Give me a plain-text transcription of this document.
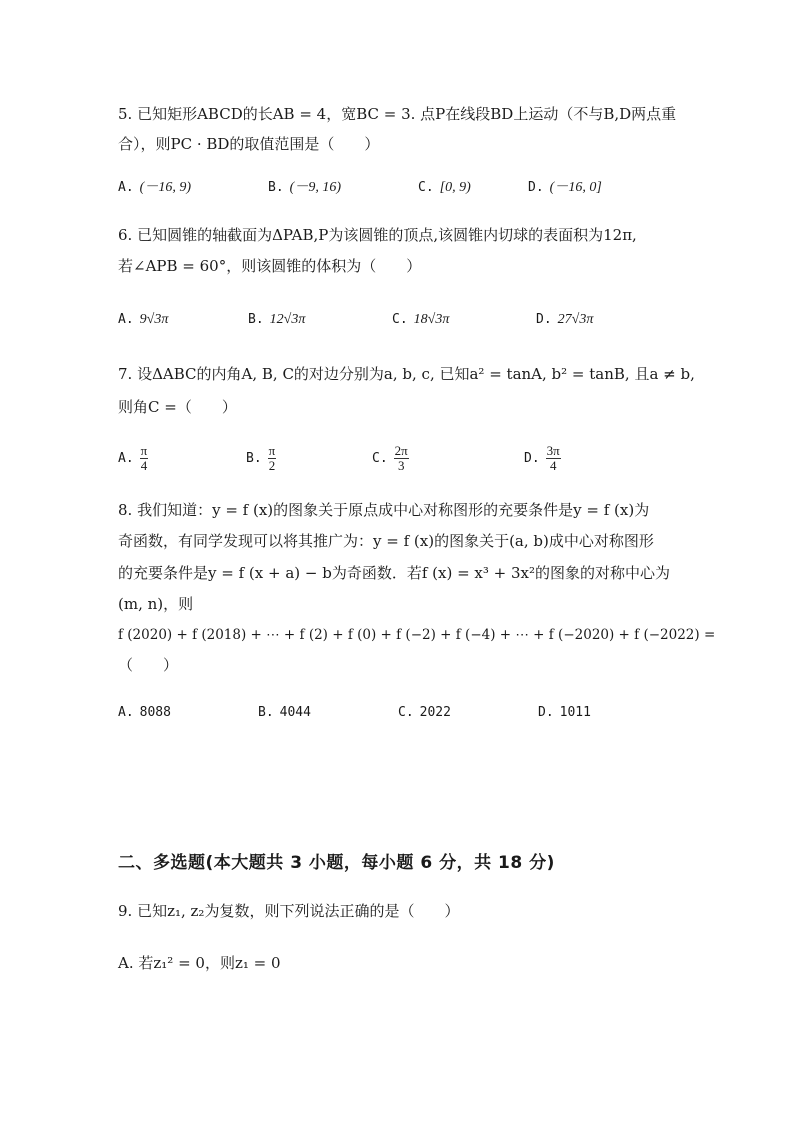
5. 已知矩形ABCD的长AB = 4，宽BC = 3. 点P在线段BD上运动（不与B,D两点重
合），则PC · BD的取值范围是（　　）
A. (－16, 9)	B. (－9, 16)	C. [0, 9)	D. (－16, 0]
6. 已知圆锥的轴截面为ΔPAB,P为该圆锥的顶点,该圆锥内切球的表面积为12π,
若∠APB = 60°，则该圆锥的体积为（　　）
A. 9√3π	B. 12√3π	C. 18√3π	D. 27√3π
7. 设ΔABC的内角A, B, C的对边分别为a, b, c, 已知a² = tanA, b² = tanB, 且a ≠ b,
则角C =（　　）
A. $\frac{\pi}{4}$	B. $\frac{\pi}{2}$	C. $\frac{2\pi}{3}$	D. $\frac{3\pi}{4}$
8. 我们知道：y = f (x)的图象关于原点成中心对称图形的充要条件是y = f (x)为
奇函数，有同学发现可以将其推广为：y = f (x)的图象关于(a, b)成中心对称图形
的充要条件是y = f (x + a) − b为奇函数．若f (x) = x³ + 3x²的图象的对称中心为
(m, n)，则
f (2020) + f (2018) + ⋯ + f (2) + f (0) + f (−2) + f (−4) + ⋯ + f (−2020) + f (−2022) =
（　　）
A. 8088	B. 4044	C. 2022	D. 1011
二、多选题(本大题共 3 小题，每小题 6 分，共 18 分)
9. 已知z₁, z₂为复数，则下列说法正确的是（　　）
A. 若z₁² = 0，则z₁ = 0
